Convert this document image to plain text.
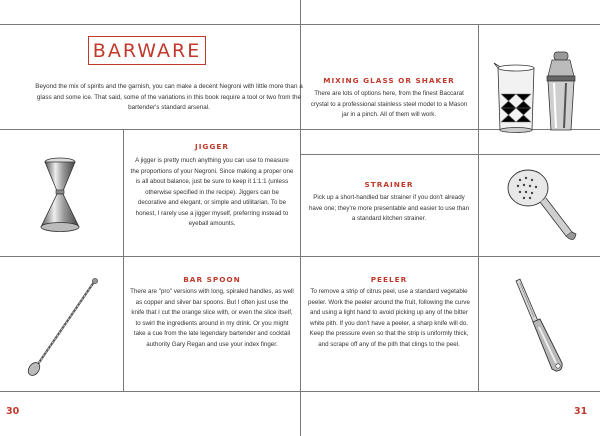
BARWARE
Beyond the mix of spirits and the garnish, you can make a decent Negroni with little more than a glass and some ice. That said, some of the variations in this book require a tool or two from the bartender's standard arsenal.
JIGGER
A jigger is pretty much anything you can use to measure the proportions of your Negroni. Since making a proper one is all about balance, just be sure to keep it 1:1:1 (unless otherwise specified in the recipe). Jiggers can be decorative and elegant, or simple and utilitarian. To be honest, I rarely use a jigger myself, preferring instead to eyeball amounts.
BAR SPOON
There are "pro" versions with long, spiraled handles, as well as copper and silver bar spoons. But I often just use the knife that I cut the orange slice with, or even the slice itself, to swirl the ingredients around in my drink. Or you might take a cue from the late legendary bartender and cocktail authority Gary Regan and use your index finger.
MIXING GLASS OR SHAKER
There are lots of options here, from the finest Baccarat crystal to a professional stainless steel model to a Mason jar in a pinch. All of them will work.
STRAINER
Pick up a short-handled bar strainer if you don't already have one; they're more presentable and easier to use than a standard kitchen strainer.
PEELER
To remove a strip of citrus peel, use a standard vegetable peeler. Work the peeler around the fruit, following the curve and using a light hand to avoid picking up any of the bitter white pith. If you don't have a peeler, a sharp knife will do. Keep the pressure even so that the strip is uniformly thick, and scrape off any of the pith that clings to the peel.
30	31
